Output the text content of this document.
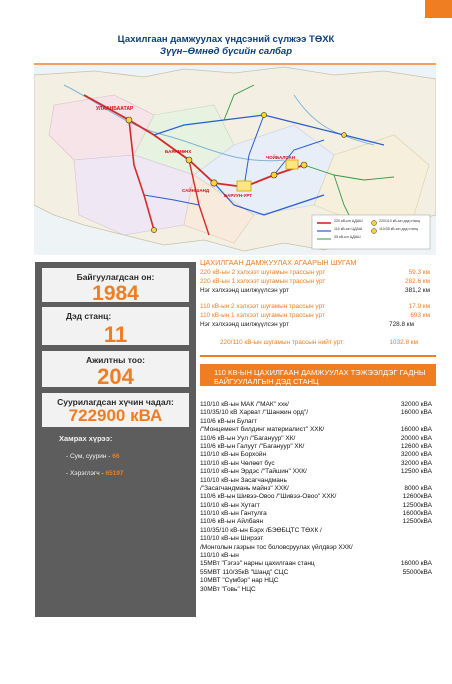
Цахилгаан дамжуулах үндсэний сүлжээ ТӨХК
Зүүн–Өмнөд бүсийн салбар
УЛААНБААТАР
БАЯНМӨНХ
САЙНШАНД
ЧОЙБАЛСАН
БАРУУН-УРТ
220 кВ-ын ЦДАШ
110 кВ-ын ЦДАШ
35 кВ-ын ЦДАШ
220/110 кВ-ын дэд станц
110/35 кВ-ын дэд станц
Байгуулагдсан он:
1984
Дэд станц:
11
Ажилтны тоо:
204
Суурилагдсан хүчин чадал:
722900 кВА
Хамрах хүрээ:
- Сум, суурин - 66
- Хэрэглэгч - 65197
ЦАХИЛГААН ДАМЖУУЛАХ АГААРЫН ШУГАМ
220 кВ-ын 2 хэлхээт шугамын трассын урт	59.3 км
220 кВ-ын 1 хэлхээт шугамын трассын урт	282.6 км
Нэг хэлхээнд шилжүүлсэн урт	381,2 км
110 кВ-ын 2 хэлхээт шугамын трассын урт	17.9 км
110 кВ-ын 1 хэлхээт шугамын трассын урт	693 км
Нэг хэлхээнд шилжүүлсэн урт	728.8 км
220/110 кВ-ын шугамын трассын нийт урт:	1032.8 км
110 КВ-ЫН ЦАХИЛГААН ДАМЖУУЛАХ ТЭЖЭЭЛДЭГ ГАДНЫ
БАЙГУУЛАЛГЫН ДЭД СТАНЦ
110/10 кВ-ын МАК /"МАК" ххк/	32000 кВА
110/35/10 кВ Харват /"Шанжин орд"/	16000 кВА
110/6 кВ-ын Булагт
/"Монцемент билдинг материалист" ХХК/	16000 кВА
110/6 кВ-ын Уул /"Багануур" ХК/	20000 кВА
110/6 кВ-ын Галуут /"Багануур" ХК/	12600 кВА
110/10 кВ-ын Борхойн	32000 кВА
110/10 кВ-ын Чөлөөт бүс	32000 кВА
110/10 кВ-ын Эрдэс /"Тайшин" ХХК/	12500 кВА
110/10 кВ-ын Засагчандмань
/"Засагчандмань майнз" ХХК/	8000 кВА
110/6 кВ-ын Шивээ-Овоо /"Шивээ-Овоо" ХХК/	12600кВА
110/10 кВ-ын Хутагт	12500кВА
110/10 кВ-ын Гантулга	16000кВА
110/6 кВ-ын Айлбаян	12500кВА
110/35/10 кВ-ын Бэрх /БЭӨБЦТС ТӨХК /
110/10 кВ-ын Ширээт
/Монголын газрын тос боловсруулах үйлдвэр ХХК/
110/10 кВ-ын
15МВт "Гэгээ" нарны цахилгаан станц	16000 кВА
55МВТ 110/35кВ "Шанд" СЦС	55000кВА
10МВТ "Сүмбэр" нар НЦС
30МВт "Говь" НЦС
